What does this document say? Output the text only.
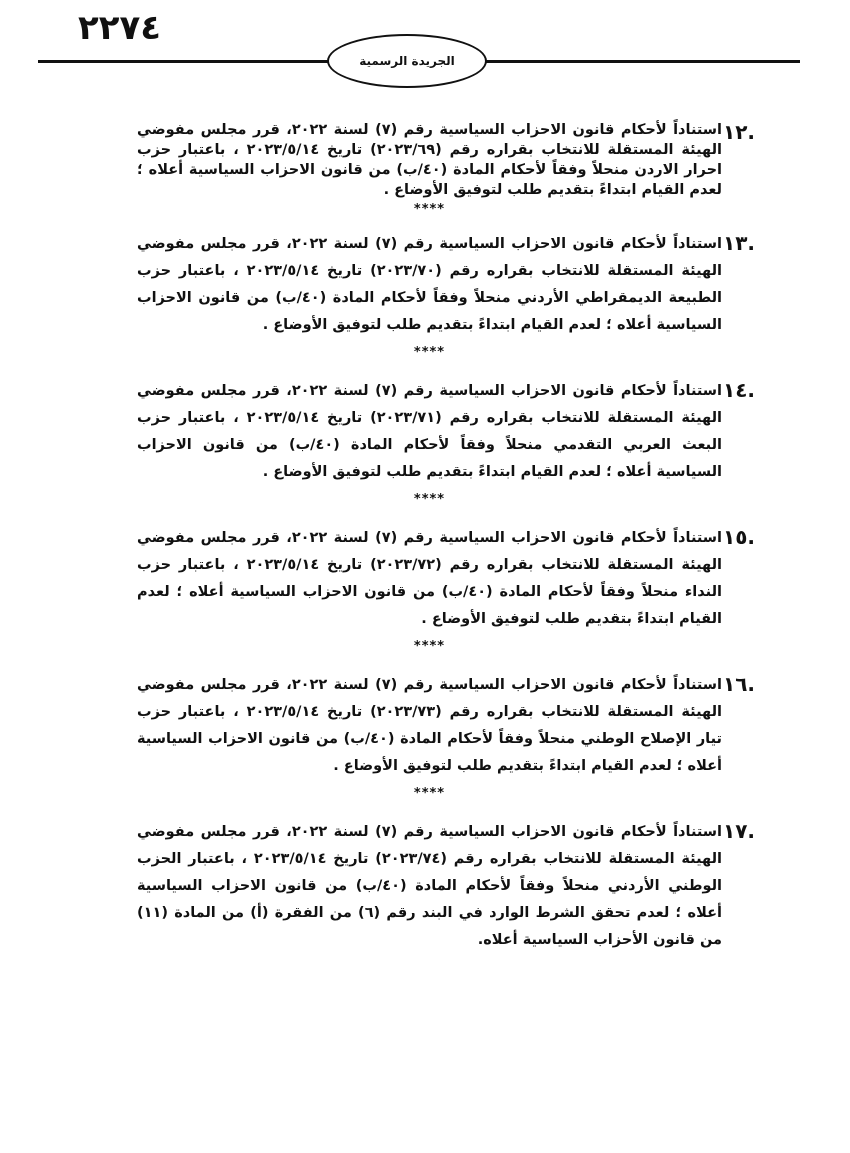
٢٢٧٤
الجريدة الرسمية
١٢.
استناداً لأحكام قانون الاحزاب السياسية رقم (٧) لسنة ٢٠٢٢، قرر مجلس مفوضي الهيئة المستقلة للانتخاب بقراره رقم (٢٠٢٣/٦٩) تاريخ ٢٠٢٣/٥/١٤ ، باعتبار حزب احرار الاردن منحلاً وفقاً لأحكام المادة (٤٠/ب) من قانون الاحزاب السياسية أعلاه ؛ لعدم القيام ابتداءً بتقديم طلب لتوفيق الأوضاع .
****
١٣.
استناداً لأحكام قانون الاحزاب السياسية رقم (٧) لسنة ٢٠٢٢، قرر مجلس مفوضي الهيئة المستقلة للانتخاب بقراره رقم (٢٠٢٣/٧٠) تاريخ ٢٠٢٣/٥/١٤ ، باعتبار حزب الطبيعة الديمقراطي الأردني منحلاً وفقاً لأحكام المادة (٤٠/ب) من قانون الاحزاب السياسية أعلاه ؛ لعدم القيام ابتداءً بتقديم طلب لتوفيق الأوضاع .
****
١٤.
استناداً لأحكام قانون الاحزاب السياسية رقم (٧) لسنة ٢٠٢٢، قرر مجلس مفوضي الهيئة المستقلة للانتخاب بقراره رقم (٢٠٢٣/٧١) تاريخ ٢٠٢٣/٥/١٤ ، باعتبار حزب البعث العربي التقدمي منحلاً وفقاً لأحكام المادة (٤٠/ب) من قانون الاحزاب السياسية أعلاه ؛ لعدم القيام ابتداءً بتقديم طلب لتوفيق الأوضاع .
****
١٥.
استناداً لأحكام قانون الاحزاب السياسية رقم (٧) لسنة ٢٠٢٢، قرر مجلس مفوضي الهيئة المستقلة للانتخاب بقراره رقم (٢٠٢٣/٧٢) تاريخ ٢٠٢٣/٥/١٤ ، باعتبار حزب النداء منحلاً وفقاً لأحكام المادة (٤٠/ب) من قانون الاحزاب السياسية أعلاه ؛ لعدم القيام ابتداءً بتقديم طلب لتوفيق الأوضاع .
****
١٦.
استناداً لأحكام قانون الاحزاب السياسية رقم (٧) لسنة ٢٠٢٢، قرر مجلس مفوضي الهيئة المستقلة للانتخاب بقراره رقم (٢٠٢٣/٧٣) تاريخ ٢٠٢٣/٥/١٤ ، باعتبار حزب تيار الإصلاح الوطني منحلاً وفقاً لأحكام المادة (٤٠/ب) من قانون الاحزاب السياسية أعلاه ؛ لعدم القيام ابتداءً بتقديم طلب لتوفيق الأوضاع .
****
١٧.
استناداً لأحكام قانون الاحزاب السياسية رقم (٧) لسنة ٢٠٢٢، قرر مجلس مفوضي الهيئة المستقلة للانتخاب بقراره رقم (٢٠٢٣/٧٤) تاريخ ٢٠٢٣/٥/١٤ ، باعتبار الحزب الوطني الأردني منحلاً وفقاً لأحكام المادة (٤٠/ب) من قانون الاحزاب السياسية أعلاه ؛ لعدم تحقق الشرط الوارد في البند رقم (٦) من الفقرة (أ) من المادة (١١) من قانون الأحزاب السياسية أعلاه.
